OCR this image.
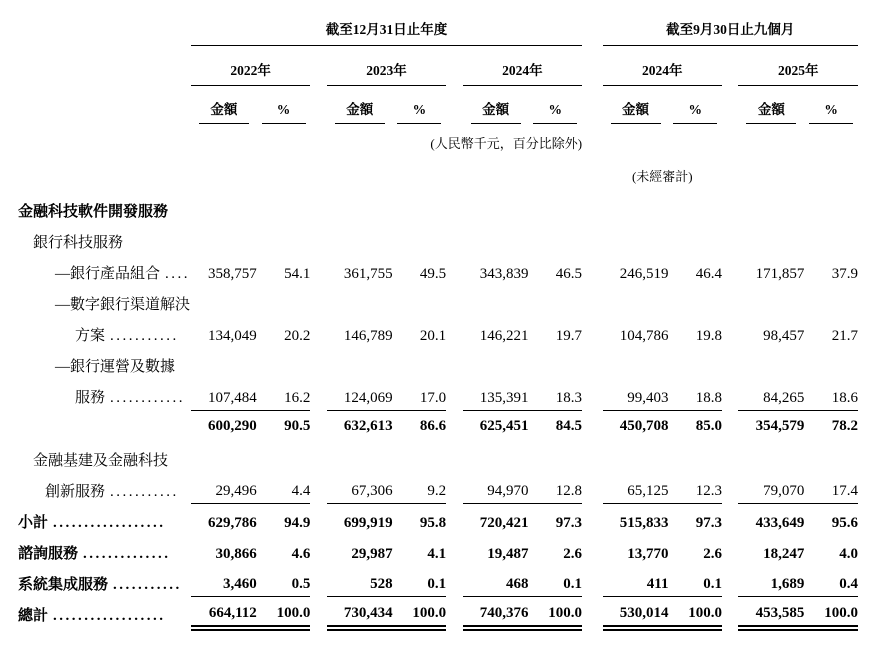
	截至12月31日止年度									截至9月30日止九個月				
	2022年			2023年			2024年			2024年			2025年	
	金額	%		金額	%		金額	%		金額	%		金額	%
(人民幣千元，百分比除外)														
										(未經審計)				
金融科技軟件開發服務														
銀行科技服務														
—銀行產品組合 ....	358,757	54.1		361,755	49.5		343,839	46.5		246,519	46.4		171,857	37.9
—數字銀行渠道解決														
方案 ...........	134,049	20.2		146,789	20.1		146,221	19.7		104,786	19.8		98,457	21.7
—銀行運營及數據														
服務 ............	107,484	16.2		124,069	17.0		135,391	18.3		99,403	18.8		84,265	18.6
	600,290	90.5		632,613	86.6		625,451	84.5		450,708	85.0		354,579	78.2
金融基建及金融科技														
創新服務 ...........	29,496	4.4		67,306	9.2		94,970	12.8		65,125	12.3		79,070	17.4
小計 ..................	629,786	94.9		699,919	95.8		720,421	97.3		515,833	97.3		433,649	95.6
諮詢服務 ..............	30,866	4.6		29,987	4.1		19,487	2.6		13,770	2.6		18,247	4.0
系統集成服務 ...........	3,460	0.5		528	0.1		468	0.1		411	0.1		1,689	0.4
總計 ..................	664,112	100.0		730,434	100.0		740,376	100.0		530,014	100.0		453,585	100.0
